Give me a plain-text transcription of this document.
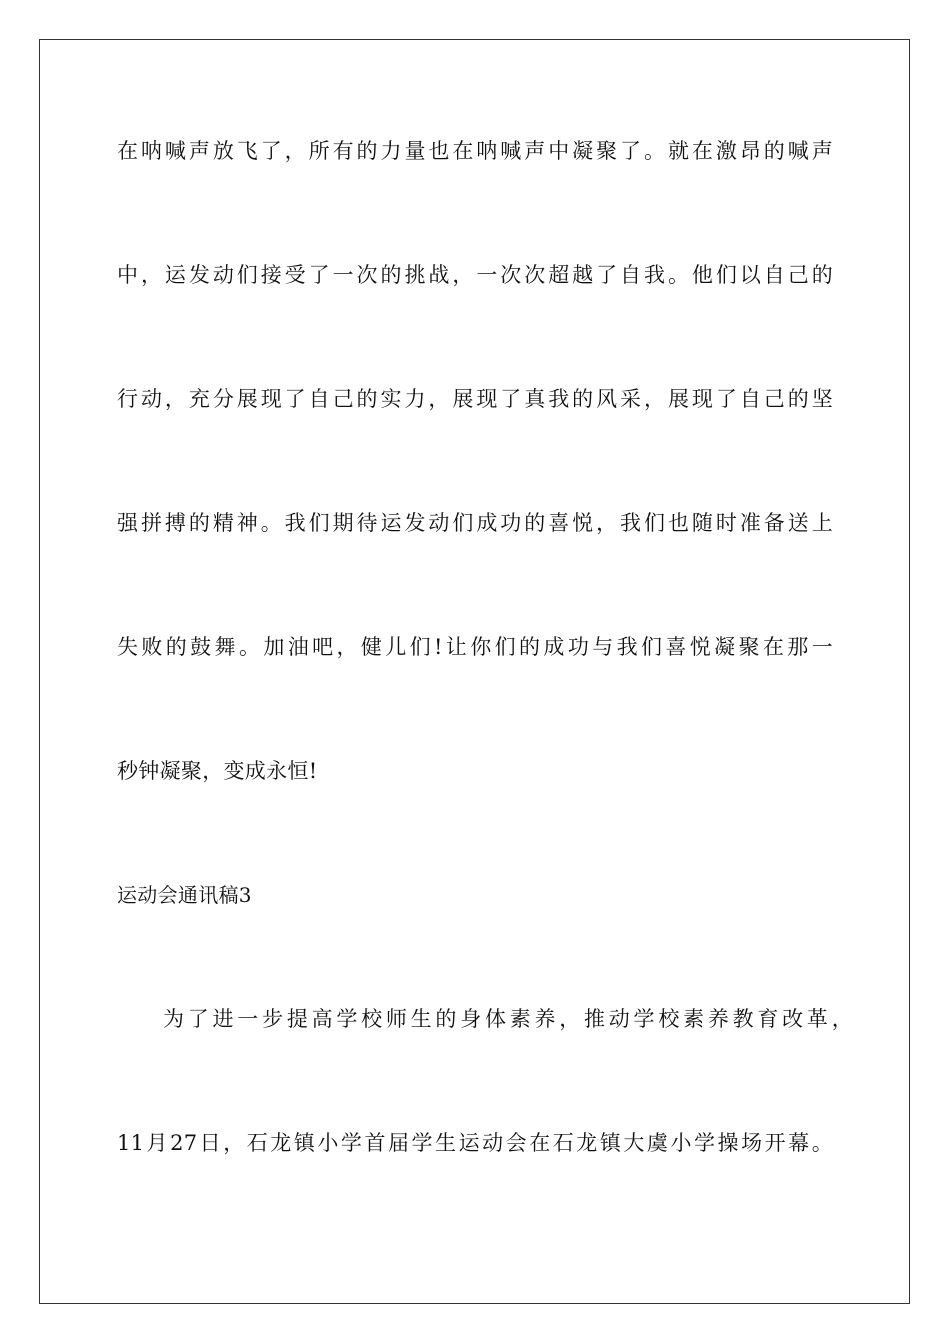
在呐喊声放飞了，所有的力量也在呐喊声中凝聚了。就在激昂的喊声
中，运发动们接受了一次的挑战，一次次超越了自我。他们以自己的
行动，充分展现了自己的实力，展现了真我的风采，展现了自己的坚
强拼搏的精神。我们期待运发动们成功的喜悦，我们也随时准备送上
失败的鼓舞。加油吧，健儿们!让你们的成功与我们喜悦凝聚在那一
秒钟凝聚，变成永恒!
运动会通讯稿3
为了进一步提高学校师生的身体素养，推动学校素养教育改革，
11月27日，石龙镇小学首届学生运动会在石龙镇大虞小学操场开幕。
